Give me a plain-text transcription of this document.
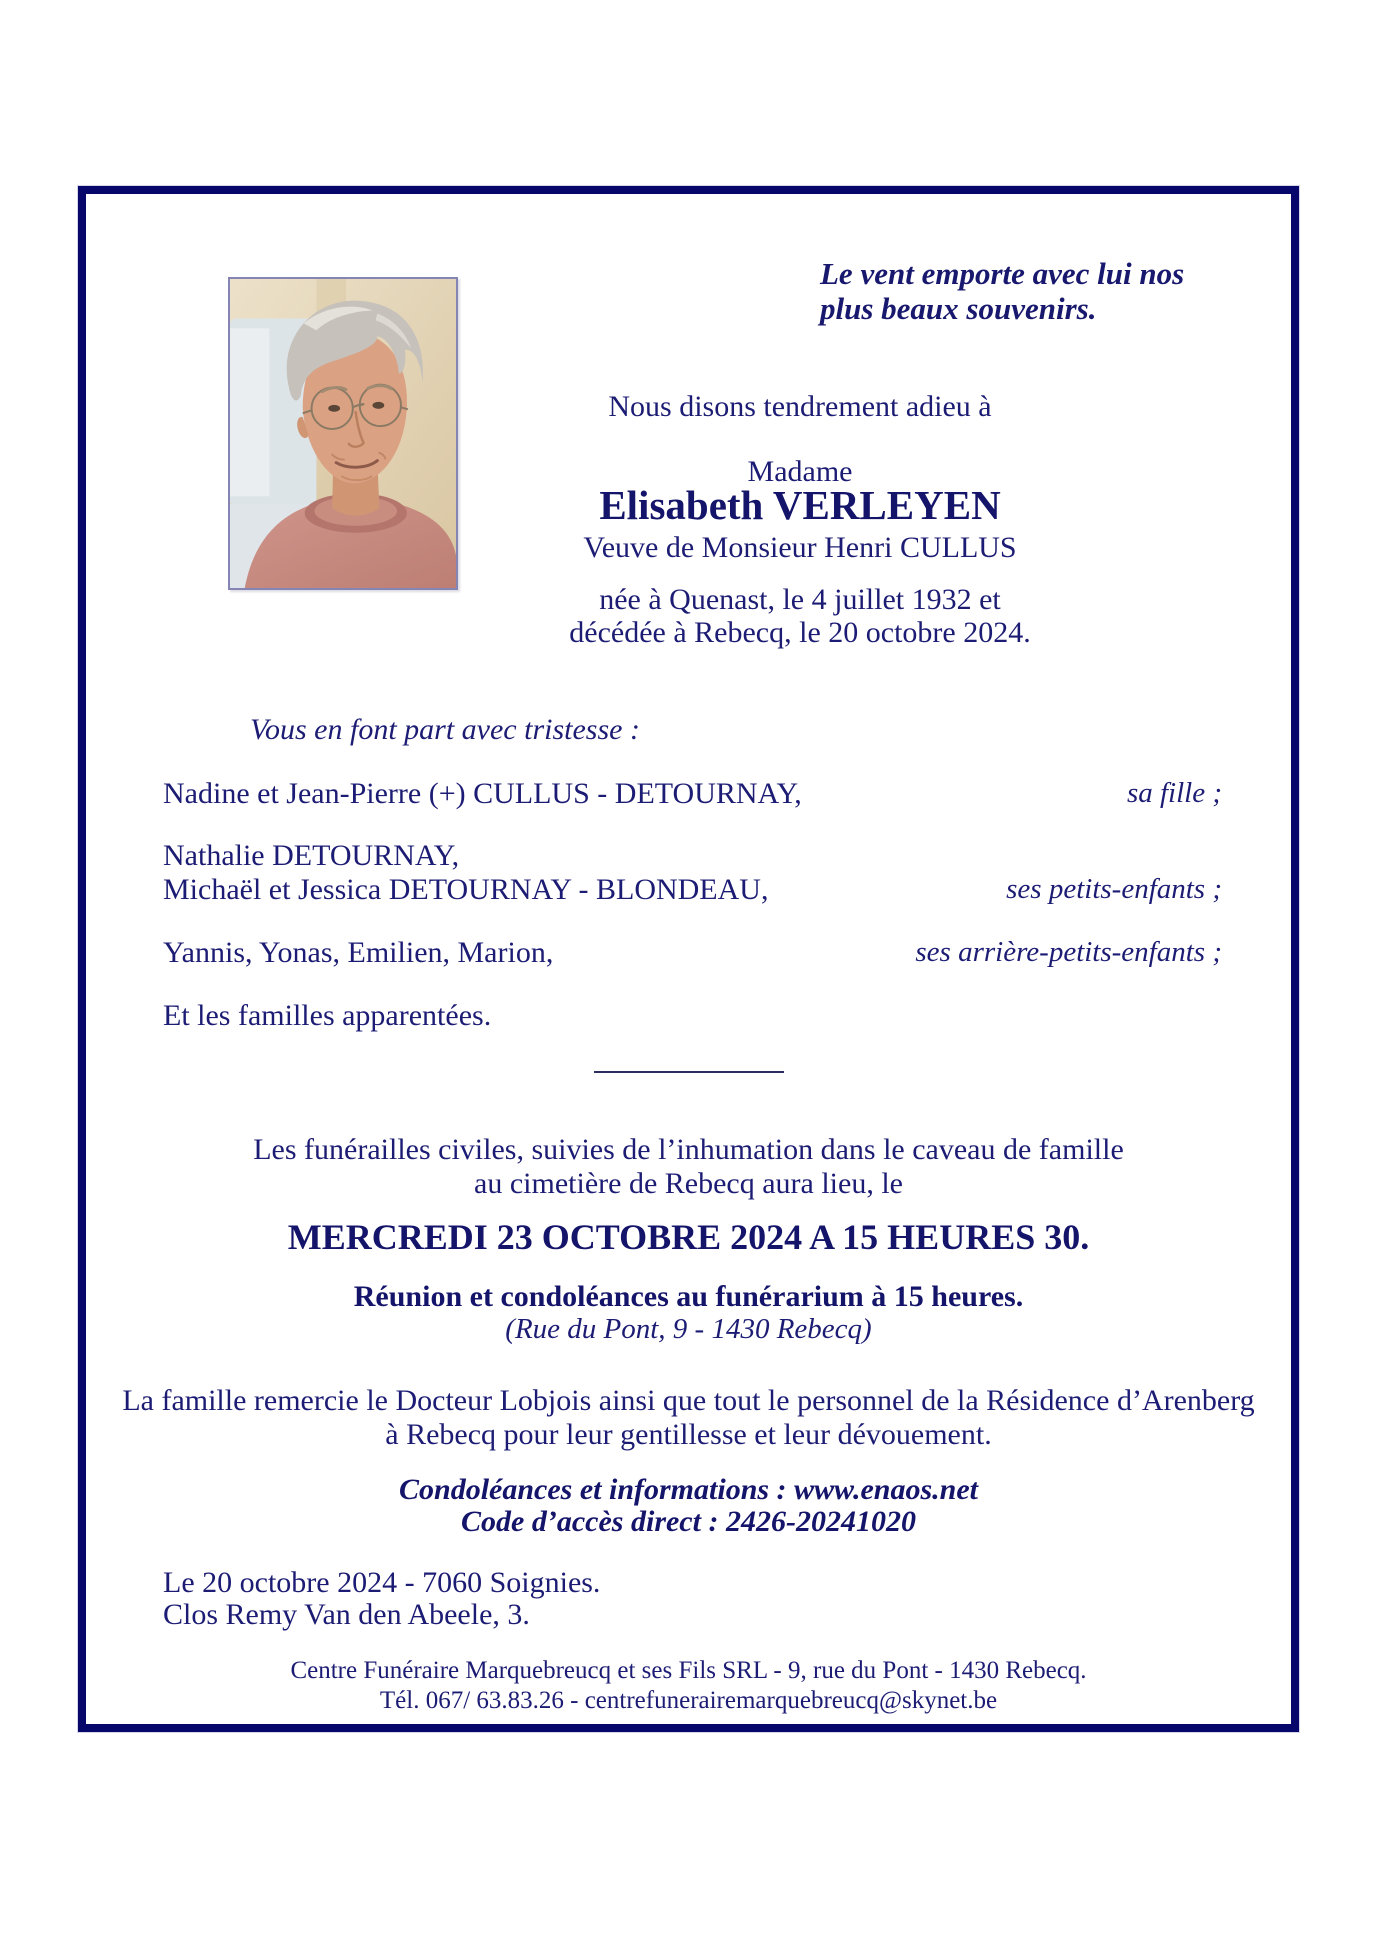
Le vent emporte avec lui nos
plus beaux souvenirs.
Nous disons tendrement adieu à
Madame
Elisabeth VERLEYEN
Veuve de Monsieur Henri CULLUS
née à Quenast, le 4 juillet 1932 et
décédée à Rebecq, le 20 octobre 2024.
Vous en font part avec tristesse :
Nadine et Jean-Pierre (+) CULLUS - DETOURNAY,	sa fille ;
Nathalie DETOURNAY,
Michaël et Jessica DETOURNAY - BLONDEAU,	ses petits-enfants ;
Yannis, Yonas, Emilien, Marion,	ses arrière-petits-enfants ;
Et les familles apparentées.
Les funérailles civiles, suivies de l’inhumation dans le caveau de famille
au cimetière de Rebecq aura lieu, le
MERCREDI 23 OCTOBRE 2024 A 15 HEURES 30.
Réunion et condoléances au funérarium à 15 heures.
(Rue du Pont, 9 - 1430 Rebecq)
La famille remercie le Docteur Lobjois ainsi que tout le personnel de la Résidence d’Arenberg
à Rebecq pour leur gentillesse et leur dévouement.
Condoléances et informations : www.enaos.net
Code d’accès direct : 2426-20241020
Le 20 octobre 2024 - 7060 Soignies.
Clos Remy Van den Abeele, 3.
Centre Funéraire Marquebreucq et ses Fils SRL - 9, rue du Pont - 1430 Rebecq.
Tél. 067/ 63.83.26 - centrefunerairemarquebreucq@skynet.be
